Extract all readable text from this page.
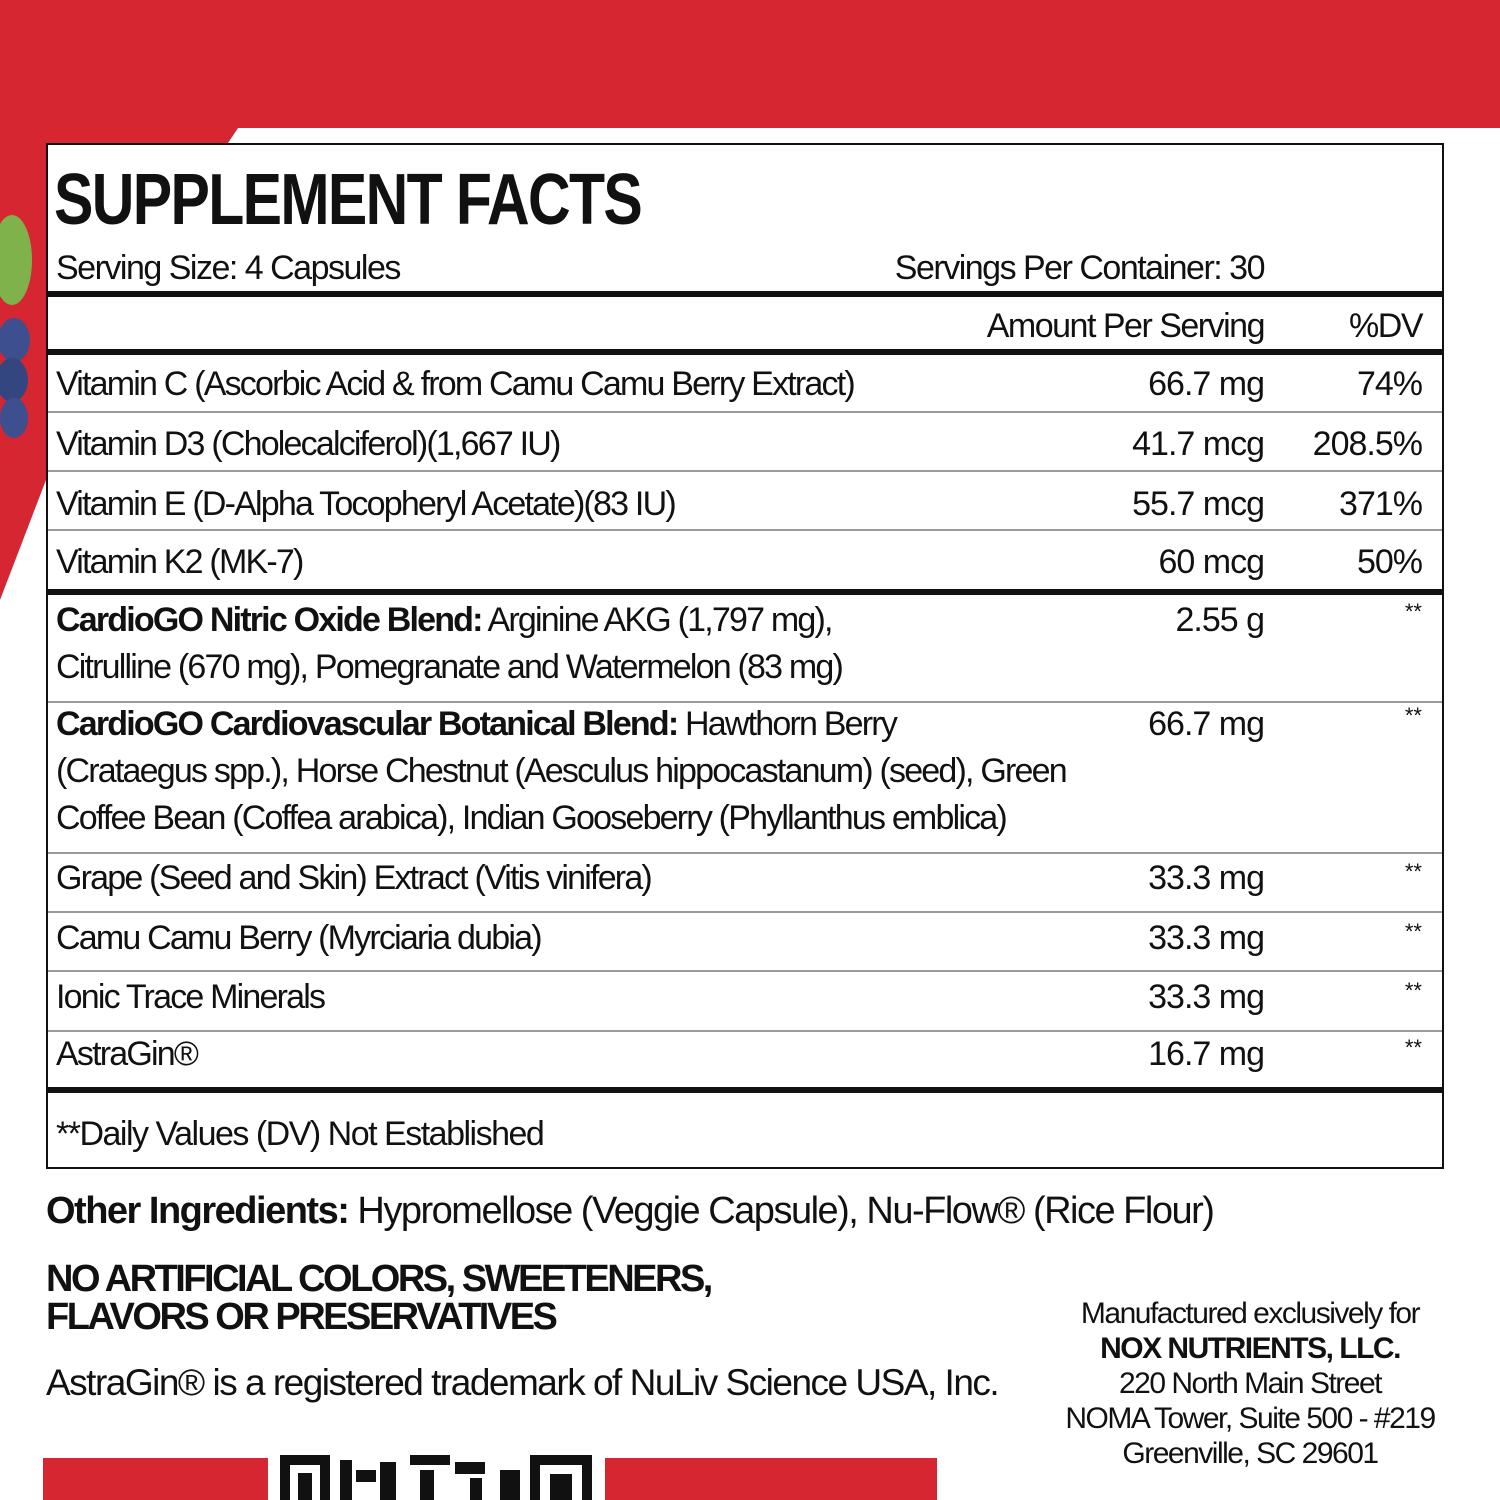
SUPPLEMENT FACTS
Serving Size: 4 Capsules	Servings Per Container: 30
Amount Per Serving	%DV
Vitamin C (Ascorbic Acid & from Camu Camu Berry Extract)	66.7 mg	74%
Vitamin D3 (Cholecalciferol)(1,667 IU)	41.7 mcg 208.5%
Vitamin E (D-Alpha Tocopheryl Acetate)(83 IU)	55.7 mcg 371%
Vitamin K2 (MK-7)	60 mcg	50%
CardioGO Nitric Oxide Blend: Arginine AKG (1,797 mg),
Citrulline (670 mg), Pomegranate and Watermelon (83 mg)
2.55 g	**
CardioGO Cardiovascular Botanical Blend: Hawthorn Berry
(Crataegus spp.), Horse Chestnut (Aesculus hippocastanum) (seed), Green
Coffee Bean (Coffea arabica), Indian Gooseberry (Phyllanthus emblica)
66.7 mg	**
Grape (Seed and Skin) Extract (Vitis vinifera)	33.3 mg	**
Camu Camu Berry (Myrciaria dubia)	33.3 mg	**
Ionic Trace Minerals	33.3 mg	**
AstraGin®	16.7 mg	**
**Daily Values (DV) Not Established
Other Ingredients: Hypromellose (Veggie Capsule), Nu-Flow® (Rice Flour)
NO ARTIFICIAL COLORS, SWEETENERS,
FLAVORS OR PRESERVATIVES
AstraGin® is a registered trademark of NuLiv Science USA, Inc.
Manufactured exclusively for
NOX NUTRIENTS, LLC.
220 North Main Street
NOMA Tower, Suite 500 - #219
Greenville, SC 29601
